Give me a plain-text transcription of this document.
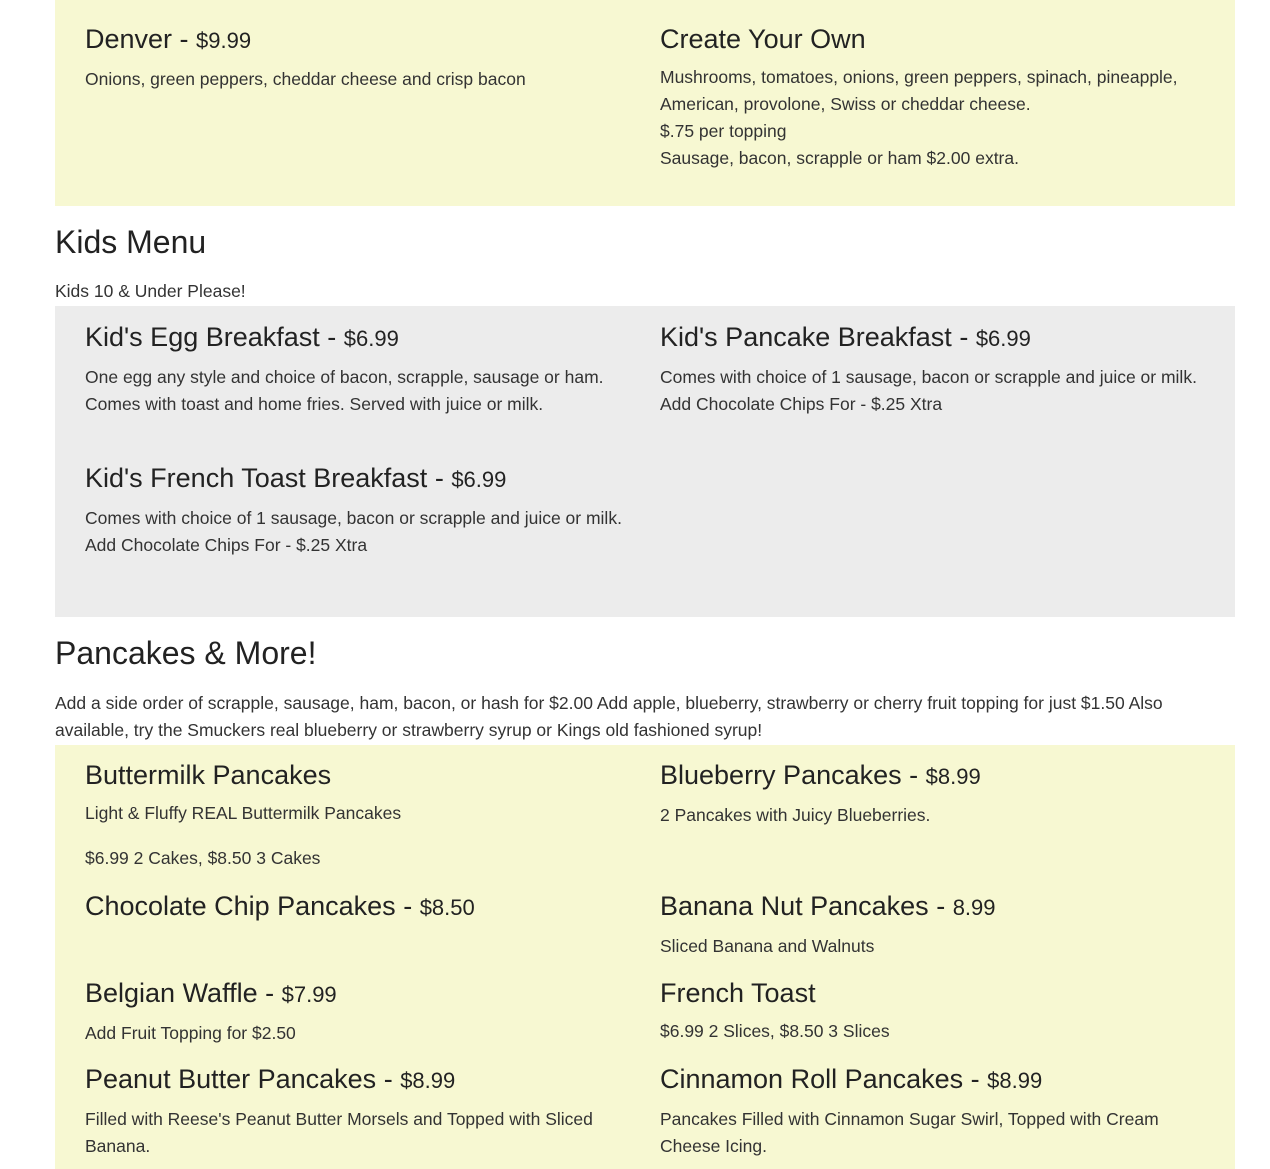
Denver - $9.99

Onions, green peppers, cheddar cheese and crisp bacon

Create Your Own

Mushrooms, tomatoes, onions, green peppers, spinach, pineapple, American, provolone, Swiss or cheddar cheese.

$.75 per topping

Sausage, bacon, scrapple or ham $2.00 extra.

Kids Menu

Kids 10 & Under Please!

Kid's Egg Breakfast - $6.99

One egg any style and choice of bacon, scrapple, sausage or ham. Comes with toast and home fries. Served with juice or milk.

Kid's Pancake Breakfast - $6.99

Comes with choice of 1 sausage, bacon or scrapple and juice or milk.

Add Chocolate Chips For - $.25 Xtra

Kid's French Toast Breakfast - $6.99

Comes with choice of 1 sausage, bacon or scrapple and juice or milk.

Add Chocolate Chips For - $.25 Xtra

Pancakes & More!

Add a side order of scrapple, sausage, ham, bacon, or hash for $2.00 Add apple, blueberry, strawberry or cherry fruit topping for just $1.50 Also available, try the Smuckers real blueberry or strawberry syrup or Kings old fashioned syrup!

Buttermilk Pancakes

Light & Fluffy REAL Buttermilk Pancakes

$6.99 2 Cakes, $8.50 3 Cakes

Blueberry Pancakes - $8.99

2 Pancakes with Juicy Blueberries.

Chocolate Chip Pancakes - $8.50	Banana Nut Pancakes - 8.99

Sliced Banana and Walnuts

Belgian Waffle - $7.99

Add Fruit Topping for $2.50

French Toast

$6.99 2 Slices, $8.50 3 Slices

Peanut Butter Pancakes - $8.99

Filled with Reese's Peanut Butter Morsels and Topped with Sliced Banana.

Cinnamon Roll Pancakes - $8.99

Pancakes Filled with Cinnamon Sugar Swirl, Topped with Cream Cheese Icing.
